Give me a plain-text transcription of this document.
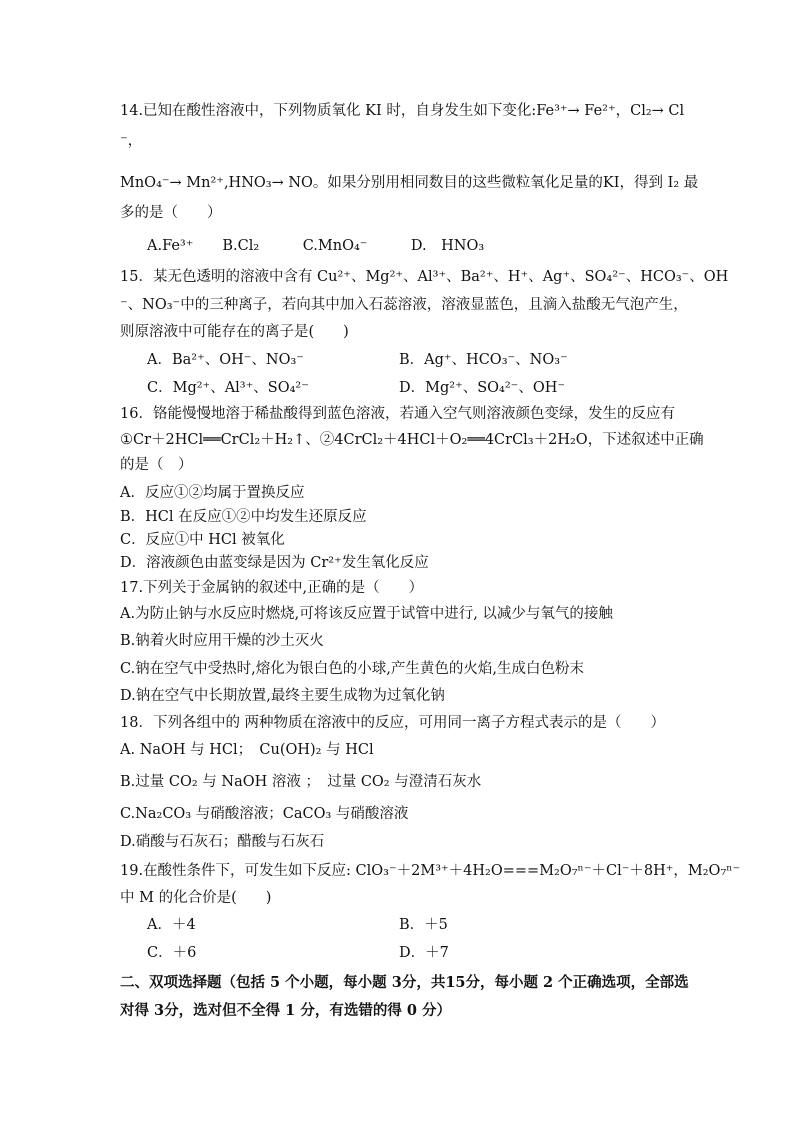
14.已知在酸性溶液中，下列物质氧化 KI 时，自身发生如下变化:Fe³⁺→ Fe²⁺，Cl₂→ Cl
⁻，
MnO₄⁻→ Mn²⁺,HNO₃→ NO。如果分别用相同数目的这些微粒氧化足量的KI，得到 I₂ 最
多的是（　　）
A.Fe³⁺　　B.Cl₂　　　C.MnO₄⁻　　　D.　HNO₃
15．某无色透明的溶液中含有 Cu²⁺、Mg²⁺、Al³⁺、Ba²⁺、H⁺、Ag⁺、SO₄²⁻、HCO₃⁻、OH
⁻、NO₃⁻中的三种离子，若向其中加入石蕊溶液，溶液显蓝色，且滴入盐酸无气泡产生，
则原溶液中可能存在的离子是(　　)
A．Ba²⁺、OH⁻、NO₃⁻	B．Ag⁺、HCO₃⁻、NO₃⁻
C．Mg²⁺、Al³⁺、SO₄²⁻	D．Mg²⁺、SO₄²⁻、OH⁻
16．铬能慢慢地溶于稀盐酸得到蓝色溶液，若通入空气则溶液颜色变绿，发生的反应有
①Cr＋2HCl══CrCl₂＋H₂↑、②4CrCl₂＋4HCl＋O₂══4CrCl₃＋2H₂O，下述叙述中正确
的是（　）
A．反应①②均属于置换反应
B．HCl 在反应①②中均发生还原反应
C．反应①中 HCl 被氧化
D．溶液颜色由蓝变绿是因为 Cr²⁺发生氧化反应
17.下列关于金属钠的叙述中,正确的是（　　）
A.为防止钠与水反应时燃烧,可将该反应置于试管中进行, 以减少与氧气的接触
B.钠着火时应用干燥的沙土灭火
C.钠在空气中受热时,熔化为银白色的小球,产生黄色的火焰,生成白色粉末
D.钠在空气中长期放置,最终主要生成物为过氧化钠
18．下列各组中的 两种物质在溶液中的反应，可用同一离子方程式表示的是（　　）
A. NaOH 与 HCl；　Cu(OH)₂ 与 HCl
B.过量 CO₂ 与 NaOH 溶液 ；　过量 CO₂ 与澄清石灰水
C.Na₂CO₃ 与硝酸溶液；CaCO₃ 与硝酸溶液
D.硝酸与石灰石；醋酸与石灰石
19.在酸性条件下，可发生如下反应: ClO₃⁻＋2M³⁺＋4H₂O===M₂O₇ⁿ⁻＋Cl⁻＋8H⁺，M₂O₇ⁿ⁻
中 M 的化合价是(　　)
A．＋4	B．＋5
C．＋6	D．＋7
二、双项选择题（包括 5 个小题，每小题 3分，共15分，每小题 2 个正确选项，全部选
对得 3分，选对但不全得 1 分，有选错的得 0 分）
